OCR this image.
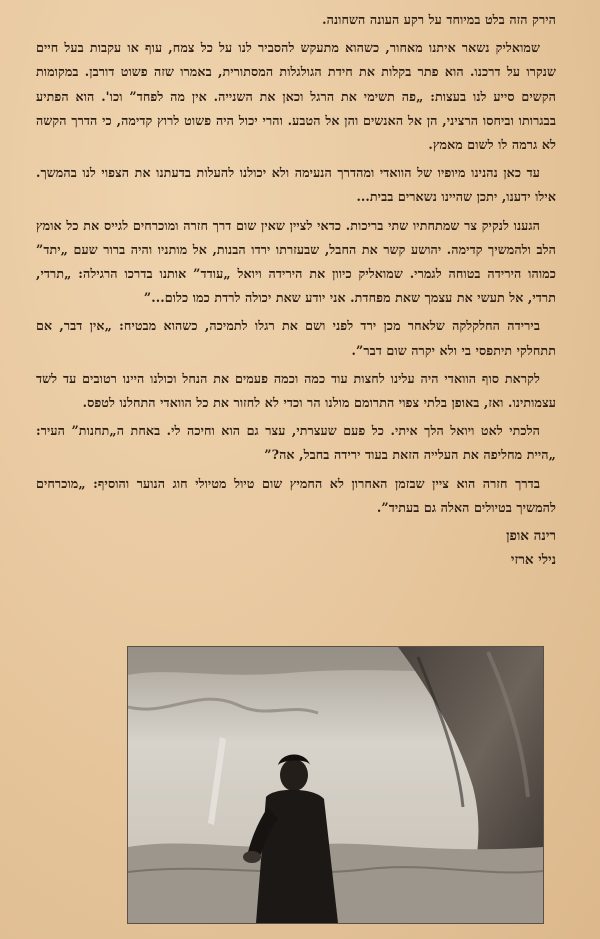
הירק הזה בלט במיוחד על רקע העונה השחונה.

שמואליק נשאר איתנו מאחור, כשהוא מתעקש להסביר לנו על כל צמח, עוף או עקבות בעל חיים שנקרו על דרכנו. הוא פתר בקלות את חידת הגולגלות המסתורית, באמרו שזה פשוט דורבן. במקומות הקשים סייע לנו בעצות: „פה תשימי את הרגל וכאן את השנייה. אין מה לפחד” וכו'. הוא הפתיע בבגרותו וביחסו הרציני, הן אל האנשים והן אל הטבע. והרי יכול היה פשוט לרוץ קדימה, כי הדרך הקשה לא גרמה לו לשום מאמץ.

עד כאן נהנינו מיופיו של הוואדי ומהדרך הנעימה ולא יכולנו להעלות בדעתנו את הצפוי לנו בהמשך. אילו ידענו, יתכן שהיינו נשארים בבית...

הגענו לנקיק צר שמתחתיו שתי בריכות. כדאי לציין שאין שום דרך חזרה ומוכרחים לגייס את כל אומץ הלב ולהמשיך קדימה. יהושע קשר את החבל, שבעזרתו ירדו הבנות, אל מותניו והיה ברור שעם „יתד” כמוהו הירידה בטוחה לגמרי. שמואליק כיוון את הירידה ויואל „עודד” אותנו בדרכו הרגילה: „תרדי, תרדי, אל תעשי את עצמך שאת מפחדת. אני יודע שאת יכולה לרדת כמו כלום...”

בירידה החלקלקה שלאחר מכן ירד לפני ושם את רגלו לתמיכה, כשהוא מבטיח: „אין דבר, אם תתחלקי תיתפסי בי ולא יקרה שום דבר”.

לקראת סוף הוואדי היה עלינו לחצות עוד כמה וכמה פעמים את הנחל וכולנו היינו רטובים עד לשד עצמותינו. ואז, באופן בלתי צפוי התרומם מולנו הר וכדי לא לחזור את כל הוואדי התחלנו לטפס.

הלכתי לאט ויואל הלך איתי. כל פעם שעצרתי, עצר גם הוא וחיכה לי. באחת ה„תחנות” העיר: „היית מחליפה את העלייה הזאת בעוד ירידה בחבל, אה?”

בדרך חזרה הוא ציין שבזמן האחרון לא החמיץ שום טיול מטיולי חוג הנוער והוסיף: „מוכרחים להמשיך בטיולים האלה גם בעתיד”.

רינה אופן
נילי ארזי
